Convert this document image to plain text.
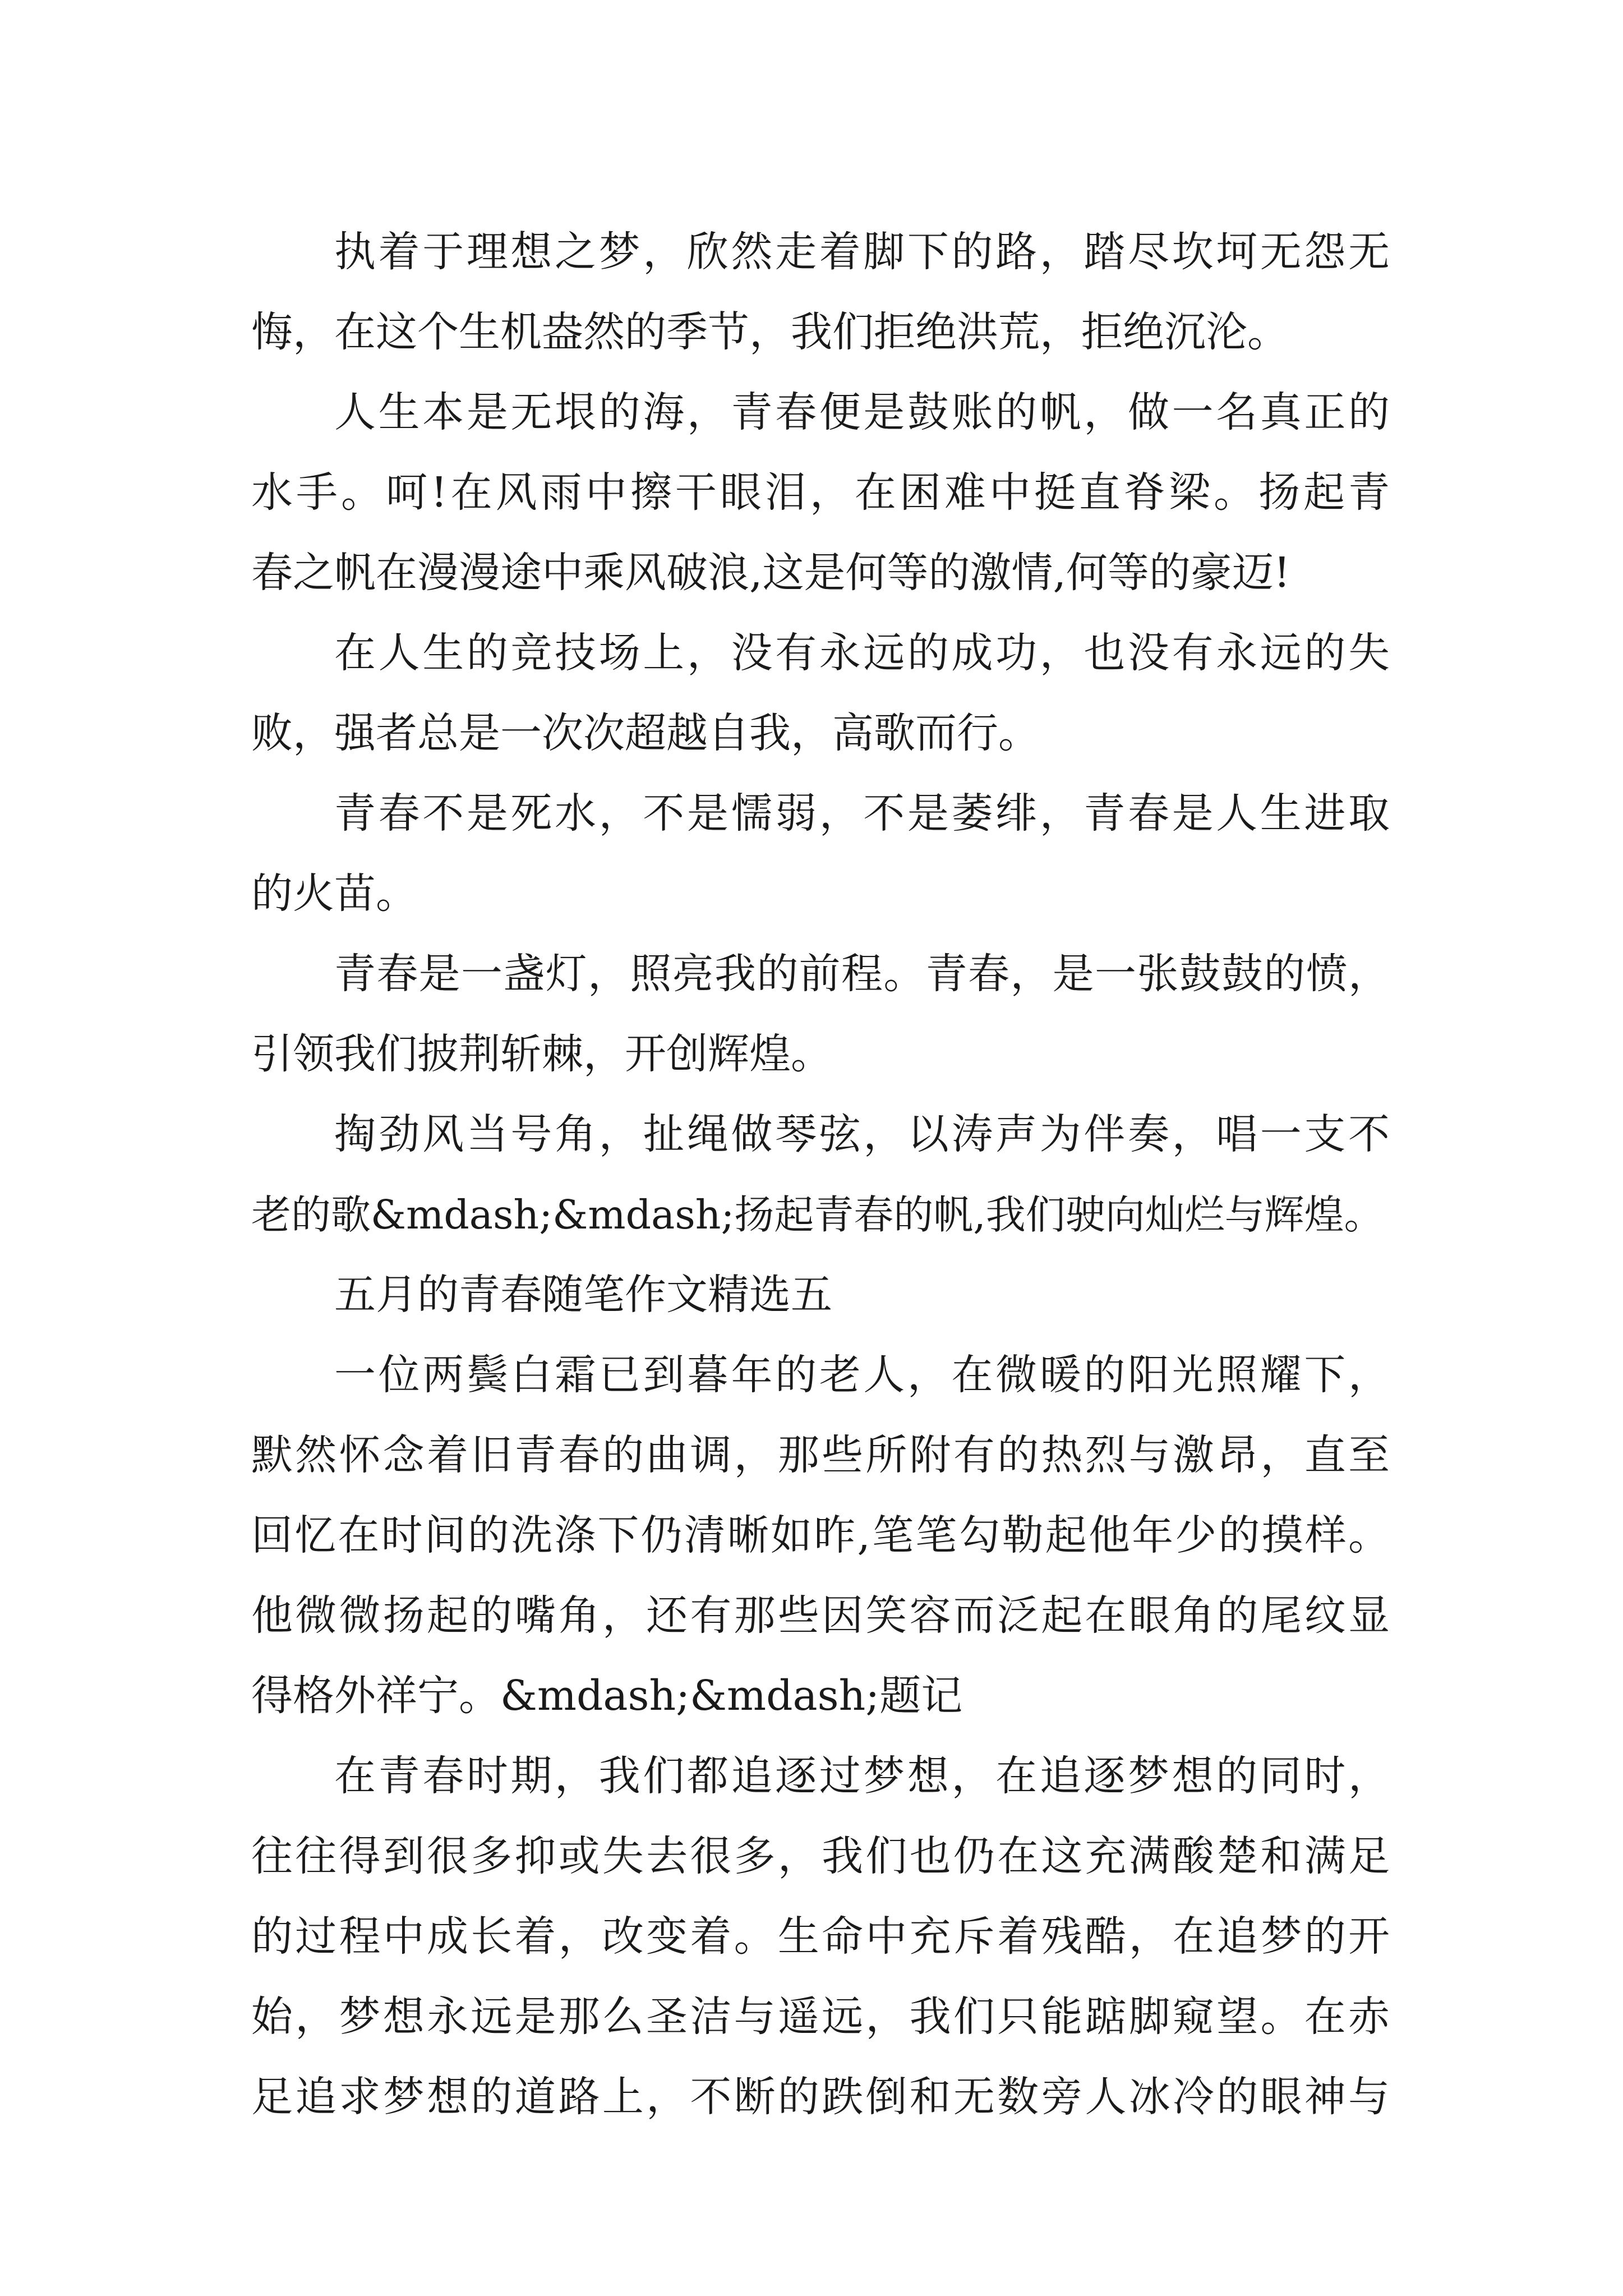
执着于理想之梦，欣然走着脚下的路，踏尽坎坷无怨无
悔，在这个生机盎然的季节，我们拒绝洪荒，拒绝沉沦。
人生本是无垠的海，青春便是鼓账的帆，做一名真正的
水手。呵!在风雨中擦干眼泪，在困难中挺直脊梁。扬起青
春之帆在漫漫途中乘风破浪,这是何等的激情,何等的豪迈!
在人生的竞技场上，没有永远的成功，也没有永远的失
败，强者总是一次次超越自我，高歌而行。
青春不是死水，不是懦弱，不是萎绯，青春是人生进取
的火苗。
青春是一盏灯，照亮我的前程。青春，是一张鼓鼓的愤，
引领我们披荆斩棘，开创辉煌。
掏劲风当号角，扯绳做琴弦，以涛声为伴奏，唱一支不
老的歌&mdash;&mdash;扬起青春的帆,我们驶向灿烂与辉煌。
五月的青春随笔作文精选五
一位两鬓白霜已到暮年的老人，在微暖的阳光照耀下，
默然怀念着旧青春的曲调，那些所附有的热烈与激昂，直至
回忆在时间的洗涤下仍清晰如昨,笔笔勾勒起他年少的摸样。
他微微扬起的嘴角，还有那些因笑容而泛起在眼角的尾纹显
得格外祥宁。&mdash;&mdash;题记
在青春时期，我们都追逐过梦想，在追逐梦想的同时，
往往得到很多抑或失去很多，我们也仍在这充满酸楚和满足
的过程中成长着，改变着。生命中充斥着残酷，在追梦的开
始，梦想永远是那么圣洁与遥远，我们只能踮脚窥望。在赤
足追求梦想的道路上，不断的跌倒和无数旁人冰冷的眼神与
